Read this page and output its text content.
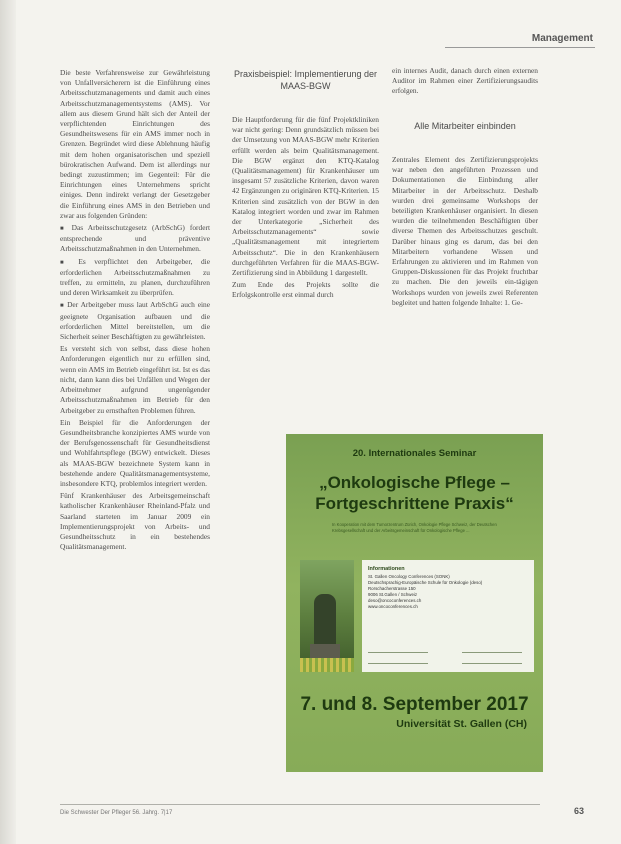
Management

Die beste Verfahrensweise zur Gewährleistung von Unfallversicherern ist die Einführung eines Arbeitsschutzmanagements und damit auch eines Arbeitsschutzmanagementsystems (AMS). Vor allem aus diesem Grund hält sich der Anteil der verpflichtenden Einrichtungen des Gesundheitswesens für ein AMS immer noch in Grenzen. Begründet wird diese Ablehnung häufig mit dem hohen organisatorischen und speziell bürokratischen Aufwand. Dem ist allerdings nur bedingt zuzustimmen; im Gegenteil: Für die Einrichtungen eines Unternehmens spricht einiges. Denn indirekt verlangt der Gesetzgeber die Einführung eines AMS in den Betrieben und zwar aus folgenden Gründen:

■ Das Arbeitsschutzgesetz (ArbSchG) fordert entsprechende und präventive Arbeitsschutzmaßnahmen in den Unternehmen.

■ Es verpflichtet den Arbeitgeber, die erforderlichen Arbeitsschutzmaßnahmen zu treffen, zu ermitteln, zu planen, durchzuführen und deren Wirksamkeit zu überprüfen.

■ Der Arbeitgeber muss laut ArbSchG auch eine geeignete Organisation aufbauen und die erforderlichen Mittel bereitstellen, um die Sicherheit seiner Beschäftigten zu gewährleisten.

Es versteht sich von selbst, dass diese hohen Anforderungen eigentlich nur zu erfüllen sind, wenn ein AMS im Betrieb eingeführt ist. Ist es das nicht, dann kann dies bei Unfällen und Wegen der Arbeitnehmer aufgrund ungenügender Arbeitsschutzmaßnahmen im Betrieb für den Arbeitgeber zu ernsthaften Problemen führen.

Ein Beispiel für die Anforderungen der Gesundheitsbranche konzipiertes AMS wurde von der Berufsgenossenschaft für Gesundheitsdienst und Wohlfahrtspflege (BGW) entwickelt. Dieses als MAAS-BGW bezeichnete System kann in bestehende andere Qualitätsmanagementsysteme, insbesondere KTQ, problemlos integriert werden.

Fünf Krankenhäuser des Arbeitsgemeinschaft katholischer Krankenhäuser Rheinland-Pfalz und Saarland starteten im Januar 2009 ein Implementierungsprojekt von Arbeits- und Gesundheitsschutz in ein bestehendes Qualitätsmanagement.

Praxisbeispiel: Implementierung der MAAS-BGW

Die Hauptforderung für die fünf Projektkliniken war nicht gering: Denn grundsätzlich müssen bei der Umsetzung von MAAS-BGW mehr Kriterien erfüllt werden als beim Qualitätsmanagement. Die BGW ergänzt den KTQ-Katalog (Qualitätsmanagement) für Krankenhäuser um insgesamt 57 zusätzliche Kriterien, davon waren 42 Ergänzungen zu originären KTQ-Kriterien. 15 Kriterien sind zusätzlich von der BGW in den Katalog integriert worden und zwar im Rahmen der Unterkategorie „Sicherheit des Arbeitsschutzmanagements“ sowie „Qualitätsmanagement mit integriertem Arbeitsschutz“. Die in den Krankenhäusern durchgeführten Verfahren für die MAAS-BGW-Zertifizierung sind in Abbildung 1 dargestellt.

Zum Ende des Projekts sollte die Erfolgskontrolle erst einmal durch

ein internes Audit, danach durch einen externen Auditor im Rahmen einer Zertifizierungsaudits erfolgen.

Alle Mitarbeiter einbinden

Zentrales Element des Zertifizierungsprojekts war neben den angeführten Prozessen und Dokumentationen die Einbindung aller Mitarbeiter in der Arbeitsschutz. Deshalb wurden drei gemeinsame Workshops der beteiligten Krankenhäuser organisiert. In diesen wurden die teilnehmenden Beschäftigten über diverse Themen des Arbeitsschutzes geschult. Darüber hinaus ging es darum, das bei den Mitarbeitern vorhandene Wissen und Erfahrungen zu aktivieren und im Rahmen von Gruppen-Diskussionen für das Projekt fruchtbar zu machen. Die den jeweils ein-tägigen Workshops wurden von jeweils zwei Referenten begleitet und hatten folgende Inhalte: 1. Ge-

20. Internationales Seminar
„Onkologische Pflege –
Fortgeschrittene Praxis“
In Kooperation mit dem Tumorzentrum Zürich, Onkologie Pflege Schweiz, der Deutschen Krebsgesellschaft und der Arbeitsgemeinschaft für Onkologische Pflege ...
Informationen
St. Gallen Oncology Conferences (SONK)
Deutschsprachig-Europäische Schule für Onkologie (deso)
Rorschacherstrasse 150
9006 St.Gallen / Schweiz
deso@oncoconferences.ch
www.oncoconferences.ch
7. und 8. September 2017
Universität St. Gallen (CH)
Die Schwester Der Pfleger 56. Jahrg. 7|17	63
